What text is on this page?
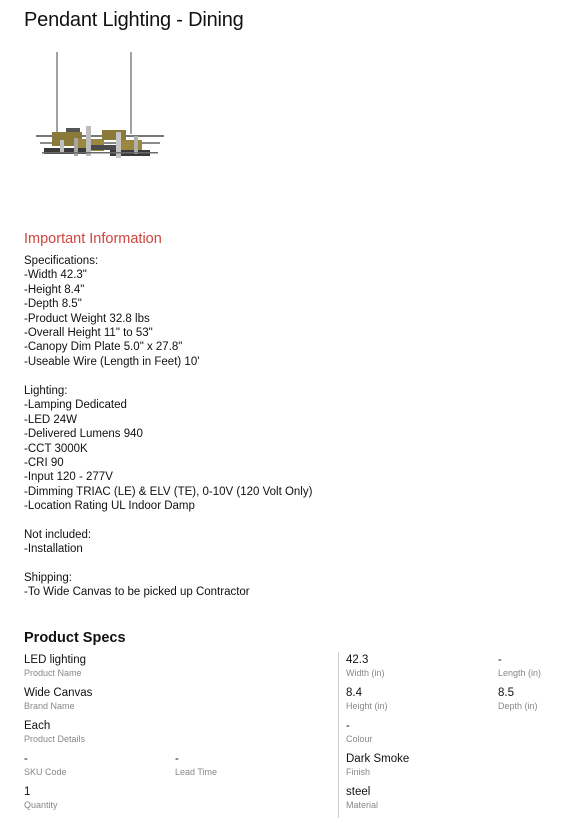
Pendant Lighting - Dining
Important Information
Specifications:
-Width 42.3"
-Height 8.4"
-Depth 8.5"
-Product Weight 32.8 lbs
-Overall Height 11" to 53"
-Canopy Dim Plate 5.0" x 27.8"
-Useable Wire (Length in Feet) 10'
Lighting:
-Lamping Dedicated
-LED 24W
-Delivered Lumens 940
-CCT 3000K
-CRI 90
-Input 120 - 277V
-Dimming TRIAC (LE) & ELV (TE), 0-10V (120 Volt Only)
-Location Rating UL Indoor Damp
Not included:
-Installation
Shipping:
-To Wide Canvas to be picked up Contractor
Product Specs
LED lighting
Product Name
Wide Canvas
Brand Name
Each
Product Details
-
SKU Code
-
Lead Time
1
Quantity
42.3
Width (in)
-
Length (in)
8.4
Height (in)
8.5
Depth (in)
-
Colour
Dark Smoke
Finish
steel
Material
